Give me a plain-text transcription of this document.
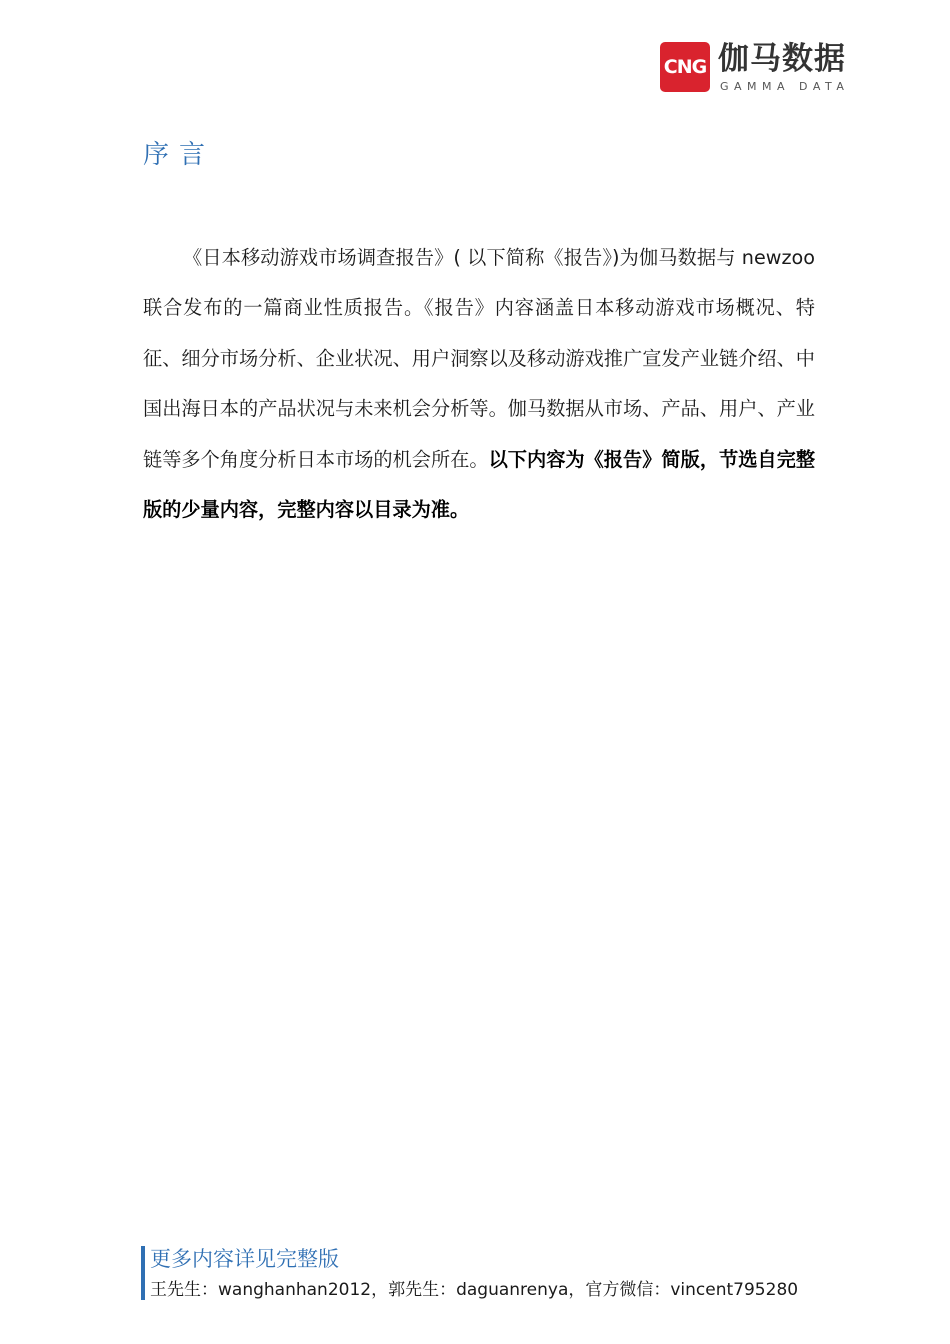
CNG 伽马数据
GAMMA DATA
序言

《日本移动游戏市场调查报告》( 以下简称《报告》)为伽马数据与 newzoo 联合发布的一篇商业性质报告。《报告》内容涵盖日本移动游戏市场概况、特征、细分市场分析、企业状况、用户洞察以及移动游戏推广宣发产业链介绍、中国出海日本的产品状况与未来机会分析等。伽马数据从市场、产品、用户、产业链等多个角度分析日本市场的机会所在。以下内容为《报告》简版，节选自完整版的少量内容，完整内容以目录为准。

更多内容详见完整版
王先生：wanghanhan2012，郭先生：daguanrenya，官方微信：vincent795280
